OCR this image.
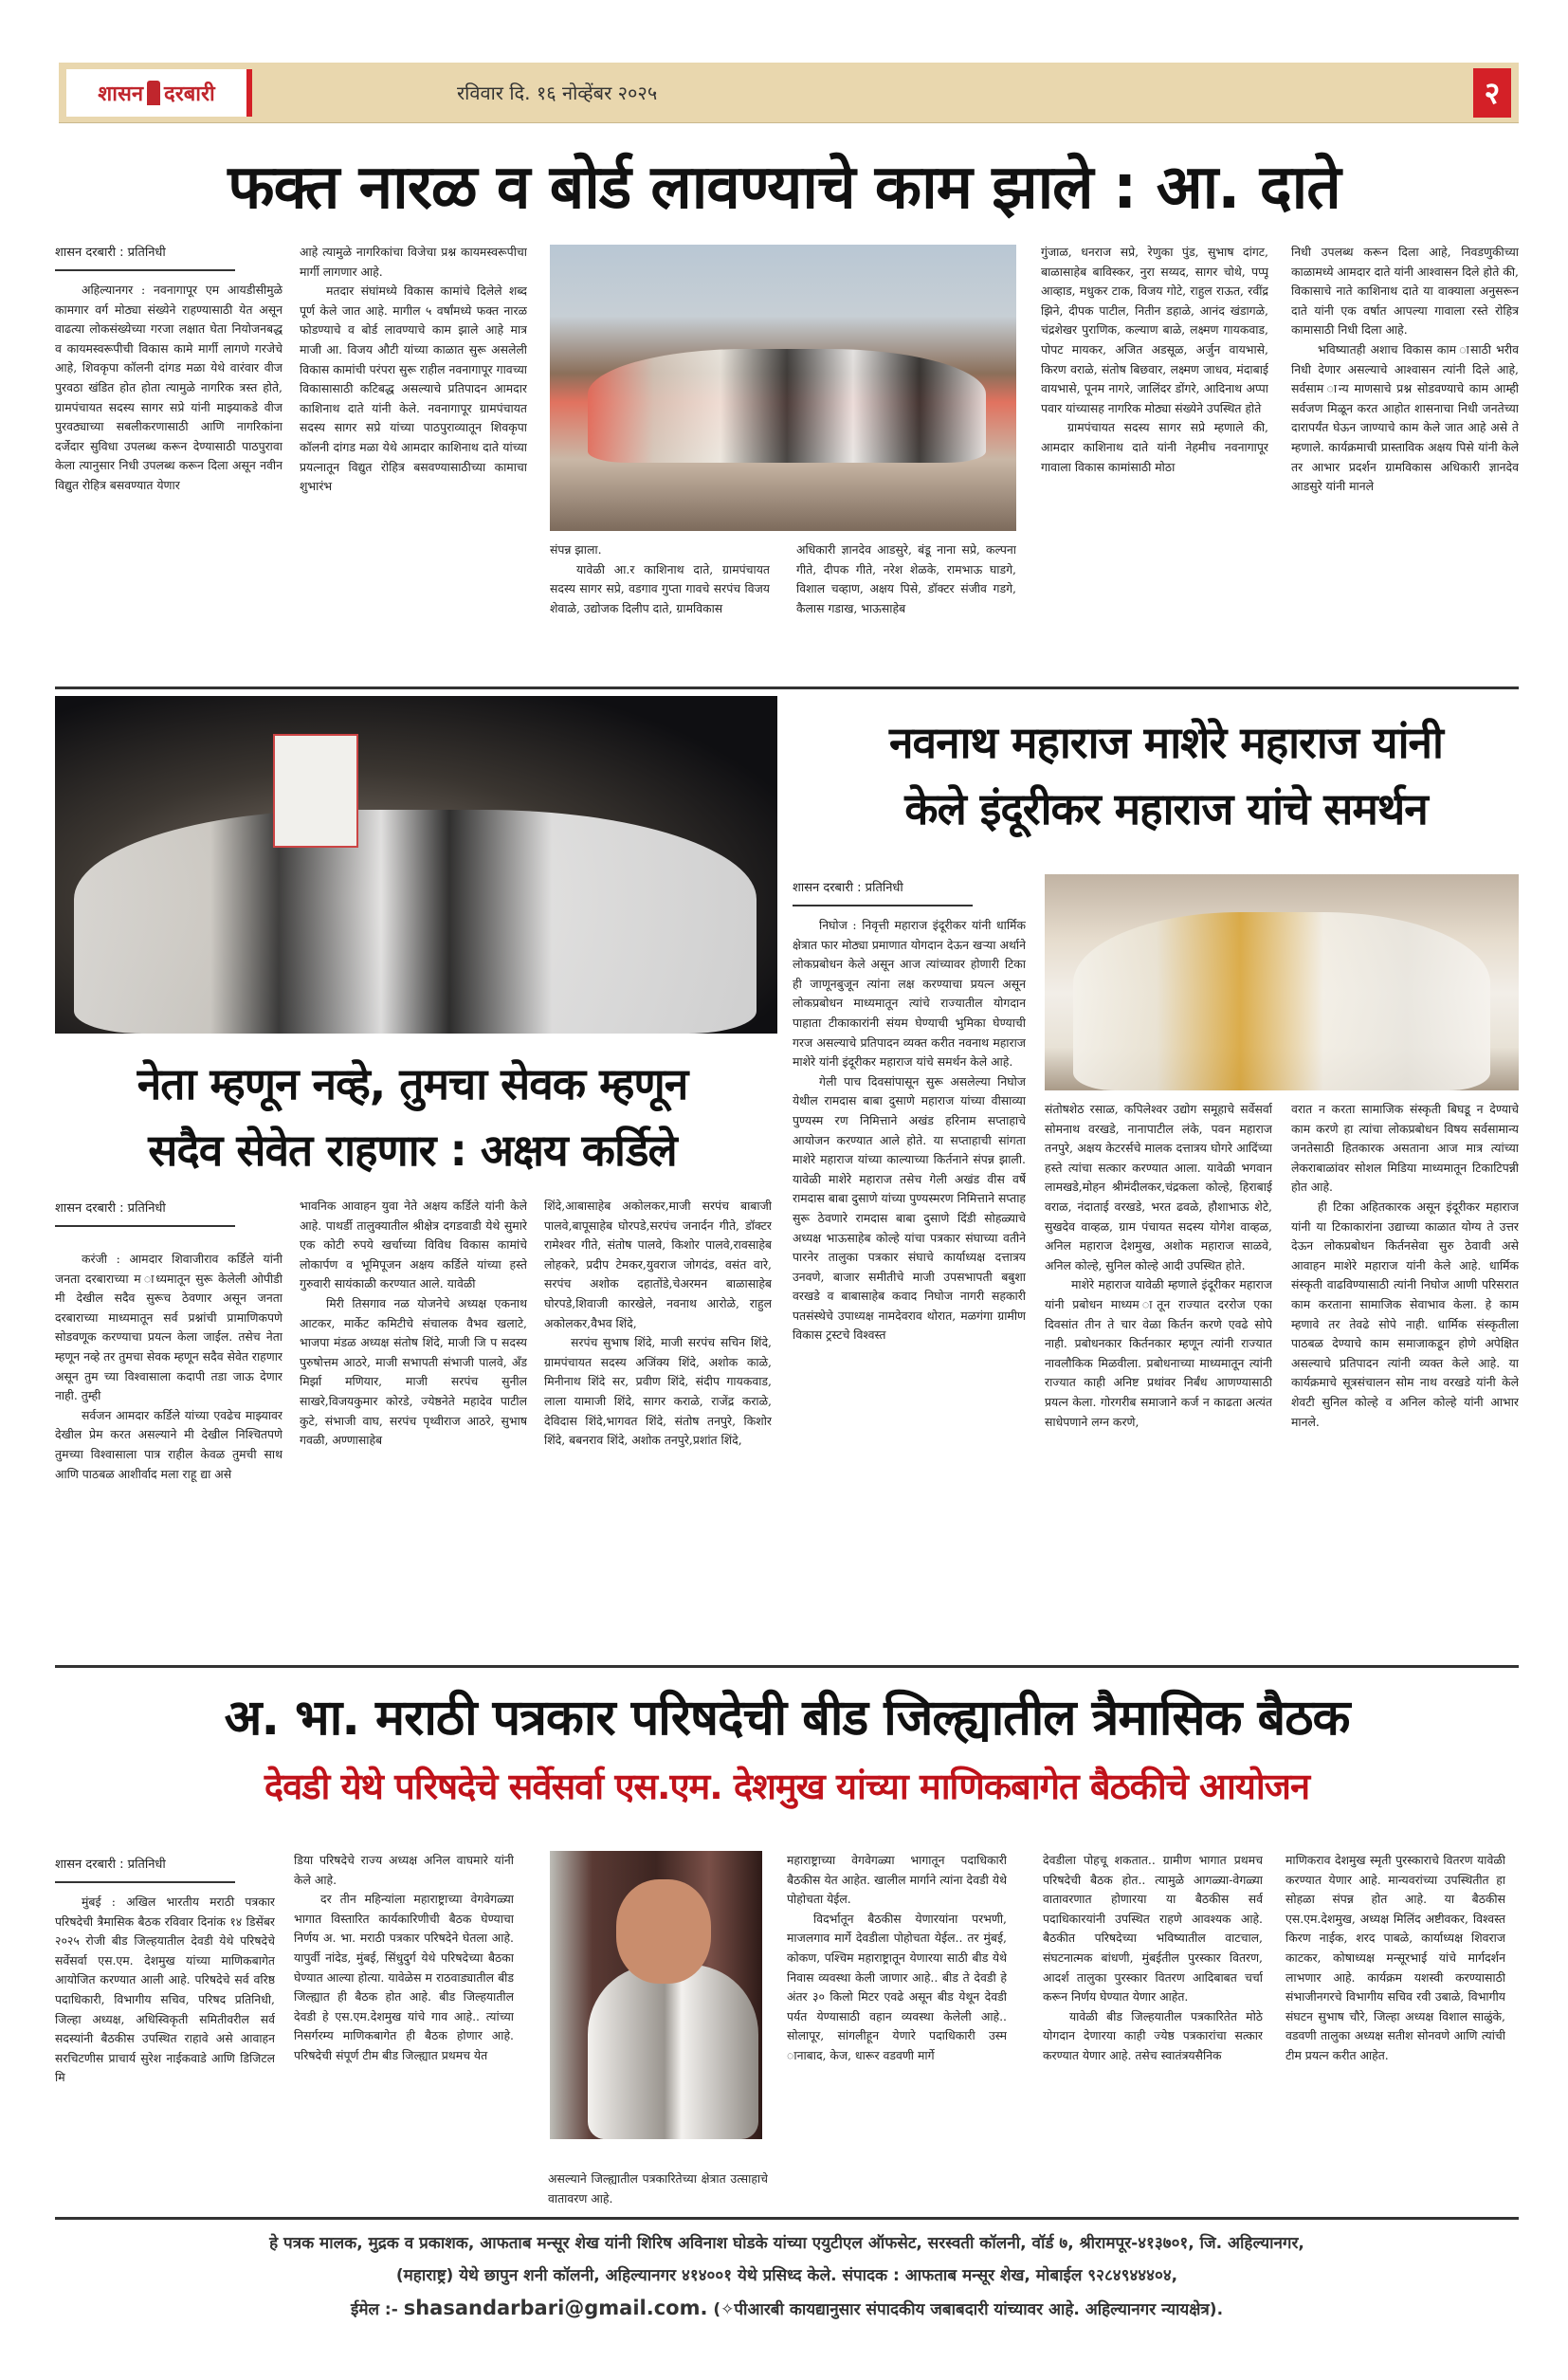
शासन दरबारी	रविवार दि. १६ नोव्हेंबर २०२५	२
फक्त नारळ व बोर्ड लावण्याचे काम झाले : आ. दाते
शासन दरबारी : प्रतिनिधी

अहिल्यानगर : नवनागापूर एम आयडीसीमुळे कामगार वर्ग मोठ्या संख्येने राहण्यासाठी येत असून वाढत्या लोकसंख्येच्या गरजा लक्षात घेता नियोजनबद्ध व कायमस्वरूपीची विकास कामे मार्गी लागणे गरजेचे आहे, शिवकृपा कॉलनी दांगड मळा येथे वारंवार वीज पुरवठा खंडित होत होता त्यामुळे नागरिक त्रस्त होते, ग्रामपंचायत सदस्य सागर सप्रे यांनी माझ्याकडे वीज पुरवठ्याच्या सबलीकरणासाठी आणि नागरिकांना दर्जेदार सुविधा उपलब्ध करून देण्यासाठी पाठपुरावा केला त्यानुसार निधी उपलब्ध करून दिला असून नवीन विद्युत रोहित्र बसवण्यात येणार

आहे त्यामुळे नागरिकांचा विजेचा प्रश्न कायमस्वरूपीचा मार्गी लागणार आहे.

मतदार संघांमध्ये विकास कामांचे दिलेले शब्द पूर्ण केले जात आहे. मागील ५ वर्षांमध्ये फक्त नारळ फोडण्याचे व बोर्ड लावण्याचे काम झाले आहे मात्र माजी आ. विजय औटी यांच्या काळात सुरू असलेली विकास कामांची परंपरा सुरू राहील नवनागापूर गावच्या विकासासाठी कटिबद्ध असल्याचे प्रतिपादन आमदार काशिनाथ दाते यांनी केले. नवनागापूर ग्रामपंचायत सदस्य सागर सप्रे यांच्या पाठपुराव्यातून शिवकृपा कॉलनी दांगड मळा येथे आमदार काशिनाथ दाते यांच्या प्रयत्नातून विद्युत रोहित्र बसवण्यासाठीच्या कामाचा शुभारंभ

संपन्न झाला.

यावेळी आ.र काशिनाथ दाते, ग्रामपंचायत सदस्य सागर सप्रे, वडगाव गुप्ता गावचे सरपंच विजय शेवाळे, उद्योजक दिलीप दाते, ग्रामविकास

अधिकारी ज्ञानदेव आडसुरे, बंडू नाना सप्रे, कल्पना गीते, दीपक गीते, नरेश शेळके, रामभाऊ घाडगे, विशाल चव्हाण, अक्षय पिसे, डॉक्टर संजीव गडगे, कैलास गडाख, भाऊसाहेब

गुंजाळ, धनराज सप्रे, रेणुका पुंड, सुभाष दांगट, बाळासाहेब बाविस्कर, नुरा सय्यद, सागर चोथे, पप्पू आव्हाड, मधुकर टाक, विजय गोटे, राहुल राऊत, रवींद्र झिने, दीपक पाटील, नितीन डहाळे, आनंद खंडागळे, चंद्रशेखर पुराणिक, कल्याण बाळे, लक्ष्मण गायकवाड, पोपट मायकर, अजित अडसूळ, अर्जुन वायभासे, किरण वराळे, संतोष बिछवार, लक्ष्मण जाधव, मंदाबाई वायभासे, पूनम नागरे, जालिंदर डोंगरे, आदिनाथ अप्पा पवार यांच्यासह नागरिक मोठ्या संख्येने उपस्थित होते

ग्रामपंचायत सदस्य सागर सप्रे म्हणाले की, आमदार काशिनाथ दाते यांनी नेहमीच नवनागापूर गावाला विकास कामांसाठी मोठा

निधी उपलब्ध करून दिला आहे, निवडणुकीच्या काळामध्ये आमदार दाते यांनी आश्वासन दिले होते की, विकासाचे नाते काशिनाथ दाते या वाक्याला अनुसरून दाते यांनी एक वर्षात आपल्या गावाला रस्ते रोहित्र कामासाठी निधी दिला आहे.

भविष्यातही अशाच विकास काम ासाठी भरीव निधी देणार असल्याचे आश्वासन त्यांनी दिले आहे, सर्वसाम ान्य माणसाचे प्रश्न सोडवण्याचे काम आम्ही सर्वजण मिळून करत आहोत शासनाचा निधी जनतेच्या दारापर्यंत घेऊन जाण्याचे काम केले जात आहे असे ते म्हणाले. कार्यक्रमाची प्रास्ताविक अक्षय पिसे यांनी केले तर आभार प्रदर्शन ग्रामविकास अधिकारी ज्ञानदेव आडसुरे यांनी मानले

नवनाथ महाराज माशेरे महाराज यांनी
केले इंदूरीकर महाराज यांचे समर्थन
शासन दरबारी : प्रतिनिधी

निघोज : निवृत्ती महाराज इंदूरीकर यांनी धार्मिक क्षेत्रात फार मोठ्या प्रमाणात योगदान देऊन खऱ्या अर्थाने लोकप्रबोधन केले असून आज त्यांच्यावर होणारी टिका ही जाणूनबुजून त्यांना लक्ष करण्याचा प्रयत्न असून लोकप्रबोधन माध्यमातून त्यांचे राज्यातील योगदान पाहाता टीकाकारांनी संयम घेण्याची भुमिका घेण्याची गरज असल्याचे प्रतिपादन व्यक्त करीत नवनाथ महाराज माशेरे यांनी इंदूरीकर महाराज यांचे समर्थन केले आहे.

गेली पाच दिवसांपासून सुरू असलेल्या निघोज येथील रामदास बाबा दुसाणे महाराज यांच्या वीसाव्या पुण्यस्म रण निमित्ताने अखंड हरिनाम सप्ताहाचे आयोजन करण्यात आले होते. या सप्ताहाची सांगता माशेरे महाराज यांच्या काल्याच्या किर्तनाने संपन्न झाली. यावेळी माशेरे महाराज तसेच गेली अखंड वीस वर्षे रामदास बाबा दुसाणे यांच्या पुण्यस्मरण निमित्ताने सप्ताह सुरू ठेवणारे रामदास बाबा दुसाणे दिंडी सोहळ्याचे अध्यक्ष भाऊसाहेब कोल्हे यांचा पत्रकार संघाच्या वतीने पारनेर तालुका पत्रकार संघाचे कार्याध्यक्ष दत्तात्रय उनवणे, बाजार समीतीचे माजी उपसभापती बबुशा वरखडे व बाबासाहेब कवाद निघोज नागरी सहकारी पतसंस्थेचे उपाध्यक्ष नामदेवराव थोरात, मळगंगा ग्रामीण विकास ट्रस्टचे विश्वस्त

संतोषशेठ रसाळ, कपिलेश्वर उद्योग समूहाचे सर्वेसर्वा सोमनाथ वरखडे, नानापाटील लंके, पवन महाराज तनपुरे, अक्षय केटरर्सचे मालक दत्तात्रय घोगरे आदिंच्या हस्ते त्यांचा सत्कार करण्यात आला. यावेळी भगवान लामखडे,मोहन श्रीमंदीलकर,चंद्रकला कोल्हे, हिराबाई वराळ, नंदाताई वरखडे, भरत ढवळे, हौशाभाऊ शेटे, सुखदेव वाव्हळ, ग्राम पंचायत सदस्य योगेश वाव्हळ, अनिल महाराज देशमुख, अशोक महाराज साळवे, अनिल कोल्हे, सुनिल कोल्हे आदी उपस्थित होते.

माशेरे महाराज यावेळी म्हणाले इंदूरीकर महाराज यांनी प्रबोधन माध्यम ातून राज्यात दररोज एका दिवसांत तीन ते चार वेळा किर्तन करणे एवढे सोपे नाही. प्रबोधनकार किर्तनकार म्हणून त्यांनी राज्यात नावलौकिक मिळवीला. प्रबोधनाच्या माध्यमातून त्यांनी राज्यात काही अनिष्ट प्रथांवर निर्बंध आणण्यासाठी प्रयत्न केला. गोरगरीब समाजाने कर्ज न काढता अत्यंत साधेपणाने लग्न करणे,

वरात न करता सामाजिक संस्कृती बिघडू न देण्याचे काम करणे हा त्यांचा लोकप्रबोधन विषय सर्वसामान्य जनतेसाठी हितकारक असताना आज मात्र त्यांच्या लेकराबाळांवर सोशल मिडिया माध्यमातून टिकाटिपन्नी होत आहे.

ही टिका अहितकारक असून इंदूरीकर महाराज यांनी या टिकाकारांना उद्याच्या काळात योग्य ते उत्तर देऊन लोकप्रबोधन किर्तनसेवा सुरु ठेवावी असे आवाहन माशेरे महाराज यांनी केले आहे. धार्मिक संस्कृती वाढविण्यासाठी त्यांनी निघोज आणी परिसरात काम करताना सामाजिक सेवाभाव केला. हे काम म्हणावे तर तेवढे सोपे नाही. धार्मिक संस्कृतीला पाठबळ देण्याचे काम समाजाकडून होणे अपेक्षित असल्याचे प्रतिपादन त्यांनी व्यक्त केले आहे. या कार्यक्रमाचे सूत्रसंचालन सोम नाथ वरखडे यांनी केले शेवटी सुनिल कोल्हे व अनिल कोल्हे यांनी आभार मानले.

नेता म्हणून नव्हे, तुमचा सेवक म्हणून
सदैव सेवेत राहणार : अक्षय कर्डिले
शासन दरबारी : प्रतिनिधी

करंजी : आमदार शिवाजीराव कर्डिले यांनी जनता दरबाराच्या म ाध्यमातून सुरू केलेली ओपीडी मी देखील सदैव सुरूच ठेवणार असून जनता दरबाराच्या माध्यमातून सर्व प्रश्नांची प्रामाणिकपणे सोडवणूक करण्याचा प्रयत्न केला जाईल. तसेच नेता म्हणून नव्हे तर तुमचा सेवक म्हणून सदैव सेवेत राहणार असून तुम च्या विश्वासाला कदापी तडा जाऊ देणार नाही. तुम्ही

सर्वजन आमदार कर्डिले यांच्या एवढेच माझ्यावर देखील प्रेम करत असल्याने मी देखील निश्चितपणे तुमच्या विश्वासाला पात्र राहील केवळ तुमची साथ आणि पाठबळ आशीर्वाद मला राहू द्या असे

भावनिक आवाहन युवा नेते अक्षय कर्डिले यांनी केले आहे. पाथर्डी तालुक्यातील श्रीक्षेत्र दगडवाडी येथे सुमारे एक कोटी रुपये खर्चाच्या विविध विकास कामांचे लोकार्पण व भूमिपूजन अक्षय कर्डिले यांच्या हस्ते गुरुवारी सायंकाळी करण्यात आले. यावेळी

मिरी तिसगाव नळ योजनेचे अध्यक्ष एकनाथ आटकर, मार्केट कमिटीचे संचालक वैभव खलाटे, भाजपा मंडळ अध्यक्ष संतोष शिंदे, माजी जि प सदस्य पुरुषोत्तम आठरे, माजी सभापती संभाजी पालवे, अँड मिर्झा मणियार, माजी सरपंच सुनील साखरे,विजयकुमार कोरडे, ज्येष्ठनेते महादेव पाटील कुटे, संभाजी वाघ, सरपंच पृथ्वीराज आठरे, सुभाष गवळी, अण्णासाहेब

शिंदे,आबासाहेब अकोलकर,माजी सरपंच बाबाजी पालवे,बापूसाहेब घोरपडे,सरपंच जनार्दन गीते, डॉक्टर रामेश्वर गीते, संतोष पालवे, किशोर पालवे,रावसाहेब लोहकरे, प्रदीप टेमकर,युवराज जोगदंड, वसंत वारे, सरपंच अशोक दहातोंडे,चेअरमन बाळासाहेब घोरपडे,शिवाजी कारखेले, नवनाथ आरोळे, राहुल अकोलकर,वैभव शिंदे,

सरपंच सुभाष शिंदे, माजी सरपंच सचिन शिंदे, ग्रामपंचायत सदस्य अजिंक्य शिंदे, अशोक काळे, मिनीनाथ शिंदे सर, प्रवीण शिंदे, संदीप गायकवाड, लाला यामाजी शिंदे, सागर कराळे, राजेंद्र कराळे, देविदास शिंदे,भागवत शिंदे, संतोष तनपुरे, किशोर शिंदे, बबनराव शिंदे, अशोक तनपुरे,प्रशांत शिंदे,

अ. भा. मराठी पत्रकार परिषदेची बीड जिल्ह्यातील त्रैमासिक बैठक
देवडी येथे परिषदेचे सर्वेसर्वा एस.एम. देशमुख यांच्या माणिकबागेत बैठकीचे आयोजन
शासन दरबारी : प्रतिनिधी

मुंबई : अखिल भारतीय मराठी पत्रकार परिषदेची त्रैमासिक बैठक रविवार दिनांक १४ डिसेंबर २०२५ रोजी बीड जिल्हयातील देवडी येथे परिषदेचे सर्वेसर्वा एस.एम. देशमुख यांच्या माणिकबागेत आयोजित करण्यात आली आहे. परिषदेचे सर्व वरिष्ठ पदाधिकारी, विभागीय सचिव, परिषद प्रतिनिधी, जिल्हा अध्यक्ष, अधिस्विकृती समितीवरील सर्व सदस्यांनी बैठकीस उपस्थित राहावे असे आवाहन सरचिटणीस प्राचार्य सुरेश नाईकवाडे आणि डिजिटल मि

डिया परिषदेचे राज्य अध्यक्ष अनिल वाघमारे यांनी केले आहे.

दर तीन महिन्यांला महाराष्ट्राच्या वेगवेगळ्या भागात विस्तारित कार्यकारिणीची बैठक घेण्याचा निर्णय अ. भा. मराठी पत्रकार परिषदेने घेतला आहे. यापुर्वी नांदेड, मुंबई, सिंधुदुर्ग येथे परिषदेच्या बैठका घेण्यात आल्या होत्या. यावेळेस म राठवाड्यातील बीड जिल्ह्यात ही बैठक होत आहे. बीड जिल्हयातील देवडी हे एस.एम.देशमुख यांचे गाव आहे.. त्यांच्या निसर्गरम्य माणिकबागेत ही बैठक होणार आहे. परिषदेची संपूर्ण टीम बीड जिल्ह्यात प्रथमच येत

असल्याने जिल्ह्यातील पत्रकारितेच्या क्षेत्रात उत्साहाचे वातावरण आहे.

महाराष्ट्राच्या वेगवेगळ्या भागातून पदाधिकारी बैठकीस येत आहेत. खालील मार्गाने त्यांना देवडी येथे पोहोचता येईल.

विदर्भातून बैठकीस येणारयांना परभणी, माजलगाव मार्गे देवडीला पोहोचता येईल.. तर मुंबई, कोकण, पश्चिम महाराष्ट्रातून येणारया साठी बीड येथे निवास व्यवस्था केली जाणार आहे.. बीड ते देवडी हे अंतर ३० किलो मिटर एवढे असून बीड येथून देवडी पर्यत येण्यासाठी वहान व्यवस्था केलेली आहे.. सोलापूर, सांगलीहून येणारे पदाधिकारी उस्म ानाबाद, केज, धारूर वडवणी मार्गे

देवडीला पोहचू शकतात.. ग्रामीण भागात प्रथमच परिषदेची बैठक होत.. त्यामुळे आगळ्या-वेगळ्या वातावरणात होणारया या बैठकीस सर्व पदाधिकारयांनी उपस्थित राहणे आवश्यक आहे. बैठकीत परिषदेच्या भविष्यातील वाटचाल, संघटनात्मक बांधणी, मुंबईतील पुरस्कार वितरण, आदर्श तालुका पुरस्कार वितरण आदिबाबत चर्चा करून निर्णय घेण्यात येणार आहेत.

यावेळी बीड जिल्हयातील पत्रकारितेत मोठे योगदान देणारया काही ज्येष्ठ पत्रकारांचा सत्कार करण्यात येणार आहे. तसेच स्वातंत्रयसैनिक

माणिकराव देशमुख स्मृती पुरस्काराचे वितरण यावेळी करण्यात येणार आहे. मान्यवरांच्या उपस्थितीत हा सोहळा संपन्न होत आहे. या बैठकीस एस.एम.देशमुख, अध्यक्ष मिलिंद अष्टीवकर, विश्वस्त किरण नाईक, शरद पाबळे, कार्याध्यक्ष शिवराज काटकर, कोषाध्यक्ष मन्सूरभाई यांचे मार्गदर्शन लाभणार आहे. कार्यक्रम यशस्वी करण्यासाठी संभाजीनगरचे विभागीय सचिव रवी उबाळे, विभागीय संघटन सुभाष चौरे, जिल्हा अध्यक्ष विशाल साळुंके, वडवणी तालुका अध्यक्ष सतीश सोनवणे आणि त्यांची टीम प्रयत्न करीत आहेत.

हे पत्रक मालक, मुद्रक व प्रकाशक, आफताब मन्सूर शेख यांनी शिरिष अविनाश घोडके यांच्या एयुटीएल ऑफसेट, सरस्वती कॉलनी, वॉर्ड ७, श्रीरामपूर-४१३७०१, जि. अहिल्यानगर,
(महाराष्ट्र) येथे छापुन शनी कॉलनी, अहिल्यानगर ४१४००१ येथे प्रसिध्द केले. संपादक : आफताब मन्सूर शेख, मोबाईल ९२८४९४४४०४,
ईमेल :- shasandarbari@gmail.com. (✧पीआरबी कायद्यानुसार संपादकीय जबाबदारी यांच्यावर आहे. अहिल्यानगर न्यायक्षेत्र).
